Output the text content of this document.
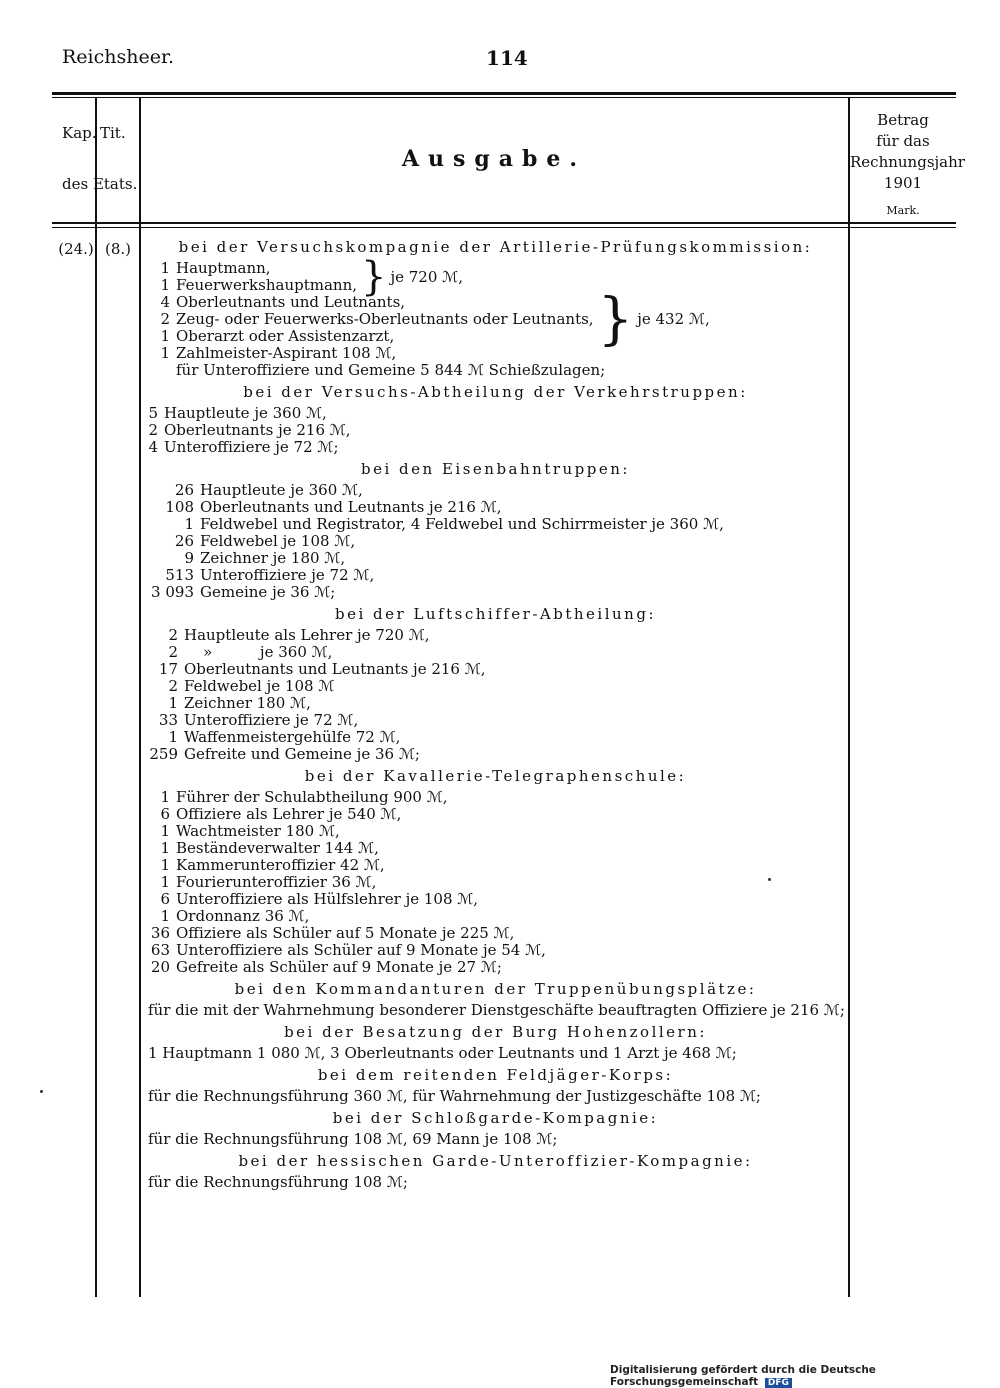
Reichsheer.	114
Kap. Tit.
des Etats.
Ausgabe.
Betrag
für das
Rechnungsjahr
1901
Mark.
(24.) (8.)	bei der Versuchskompagnie der Artillerie-Prüfungskommission:
1 Hauptmann,
1 Feuerwerkshauptmann, } je 720 ℳ,
4 Oberleutnants und Leutnants,
2 Zeug- oder Feuerwerks-Oberleutnants oder Leutnants,
1 Oberarzt oder Assistenzarzt,	} je 432 ℳ,
1 Zahlmeister-Aspirant 108 ℳ,
für Unteroffiziere und Gemeine 5 844 ℳ Schießzulagen;
bei der Versuchs-Abtheilung der Verkehrstruppen:
5 Hauptleute je 360 ℳ,
2 Oberleutnants je 216 ℳ,
4 Unteroffiziere je 72 ℳ;
bei den Eisenbahntruppen:
26 Hauptleute je 360 ℳ,
108 Oberleutnants und Leutnants je 216 ℳ,
1 Feldwebel und Registrator, 4 Feldwebel und Schirrmeister je 360 ℳ,
26 Feldwebel je 108 ℳ,
9 Zeichner je 180 ℳ,
513 Unteroffiziere je 72 ℳ,
3 093 Gemeine je 36 ℳ;
bei der Luftschiffer-Abtheilung:
2 Hauptleute als Lehrer je 720 ℳ,
2 »          je 360 ℳ,
17 Oberleutnants und Leutnants je 216 ℳ,
2 Feldwebel je 108 ℳ
1 Zeichner 180 ℳ,
33 Unteroffiziere je 72 ℳ,
1 Waffenmeistergehülfe 72 ℳ,
259 Gefreite und Gemeine je 36 ℳ;
bei der Kavallerie-Telegraphenschule:
1 Führer der Schulabtheilung 900 ℳ,
6 Offiziere als Lehrer je 540 ℳ,
1 Wachtmeister 180 ℳ,
1 Beständeverwalter 144 ℳ,
1 Kammerunteroffizier 42 ℳ,
1 Fourierunteroffizier 36 ℳ,
6 Unteroffiziere als Hülfslehrer je 108 ℳ,
1 Ordonnanz 36 ℳ,
36 Offiziere als Schüler auf 5 Monate je 225 ℳ,
63 Unteroffiziere als Schüler auf 9 Monate je 54 ℳ,
20 Gefreite als Schüler auf 9 Monate je 27 ℳ;
bei den Kommandanturen der Truppenübungsplätze:
für die mit der Wahrnehmung besonderer Dienstgeschäfte beauftragten Offiziere je 216 ℳ;
bei der Besatzung der Burg Hohenzollern:
1 Hauptmann 1 080 ℳ, 3 Oberleutnants oder Leutnants und 1 Arzt je 468 ℳ;
bei dem reitenden Feldjäger-Korps:
für die Rechnungsführung 360 ℳ, für Wahrnehmung der Justizgeschäfte 108 ℳ;
bei der Schloßgarde-Kompagnie:
für die Rechnungsführung 108 ℳ, 69 Mann je 108 ℳ;
bei der hessischen Garde-Unteroffizier-Kompagnie:
für die Rechnungsführung 108 ℳ;
Digitalisierung gefördert durch die Deutsche Forschungsgemeinschaft DFG
